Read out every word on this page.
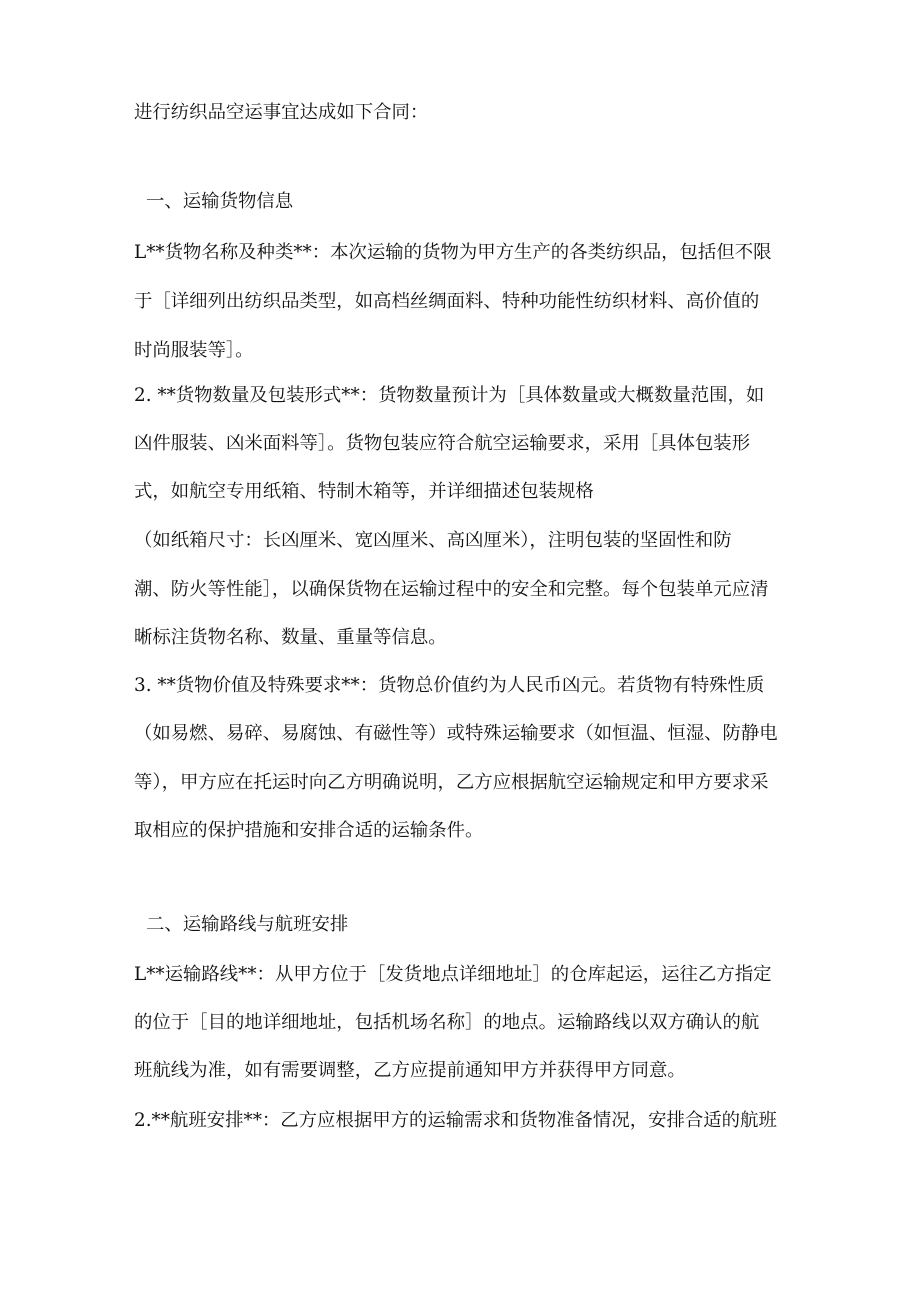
进行纺织品空运事宜达成如下合同：
一、运输货物信息
L**货物名称及种类**：本次运输的货物为甲方生产的各类纺织品，包括但不限
于［详细列出纺织品类型，如高档丝绸面料、特种功能性纺织材料、高价值的
时尚服装等］。
2. **货物数量及包装形式**：货物数量预计为［具体数量或大概数量范围，如
凶件服装、凶米面料等］。货物包装应符合航空运输要求，采用［具体包装形
式，如航空专用纸箱、特制木箱等，并详细描述包装规格
（如纸箱尺寸：长凶厘米、宽凶厘米、高凶厘米），注明包装的坚固性和防
潮、防火等性能］，以确保货物在运输过程中的安全和完整。每个包装单元应清
晰标注货物名称、数量、重量等信息。
3. **货物价值及特殊要求**：货物总价值约为人民币凶元。若货物有特殊性质
（如易燃、易碎、易腐蚀、有磁性等）或特殊运输要求（如恒温、恒湿、防静电
等），甲方应在托运时向乙方明确说明，乙方应根据航空运输规定和甲方要求采
取相应的保护措施和安排合适的运输条件。
二、运输路线与航班安排
L**运输路线**：从甲方位于［发货地点详细地址］的仓库起运，运往乙方指定
的位于［目的地详细地址，包括机场名称］的地点。运输路线以双方确认的航
班航线为准，如有需要调整，乙方应提前通知甲方并获得甲方同意。
2.**航班安排**：乙方应根据甲方的运输需求和货物准备情况，安排合适的航班
